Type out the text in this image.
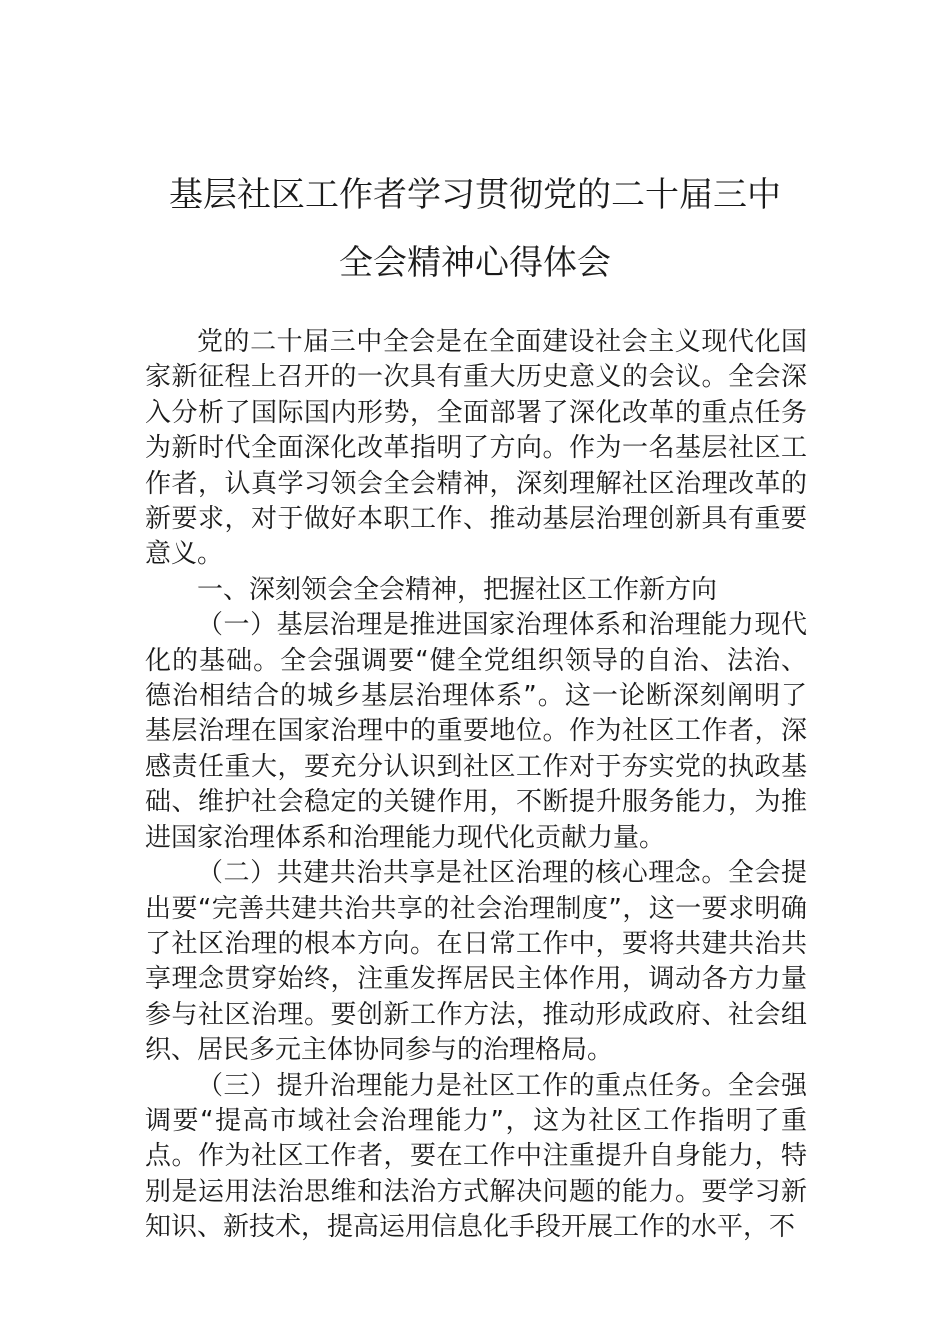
基层社区工作者学习贯彻党的二十届三中
全会精神心得体会

党的二十届三中全会是在全面建设社会主义现代化国家新征程上召开的一次具有重大历史意义的会议。全会深入分析了国际国内形势，全面部署了深化改革的重点任务为新时代全面深化改革指明了方向。作为一名基层社区工作者，认真学习领会全会精神，深刻理解社区治理改革的新要求，对于做好本职工作、推动基层治理创新具有重要意义。

一、深刻领会全会精神，把握社区工作新方向

（一）基层治理是推进国家治理体系和治理能力现代化的基础。全会强调要“健全党组织领导的自治、法治、德治相结合的城乡基层治理体系”。这一论断深刻阐明了基层治理在国家治理中的重要地位。作为社区工作者，深感责任重大，要充分认识到社区工作对于夯实党的执政基础、维护社会稳定的关键作用，不断提升服务能力，为推进国家治理体系和治理能力现代化贡献力量。

（二）共建共治共享是社区治理的核心理念。全会提出要“完善共建共治共享的社会治理制度”，这一要求明确了社区治理的根本方向。在日常工作中，要将共建共治共享理念贯穿始终，注重发挥居民主体作用，调动各方力量参与社区治理。要创新工作方法，推动形成政府、社会组织、居民多元主体协同参与的治理格局。

（三）提升治理能力是社区工作的重点任务。全会强调要“提高市域社会治理能力”，这为社区工作指明了重点。作为社区工作者，要在工作中注重提升自身能力，特别是运用法治思维和法治方式解决问题的能力。要学习新知识、新技术，提高运用信息化手段开展工作的水平，不
